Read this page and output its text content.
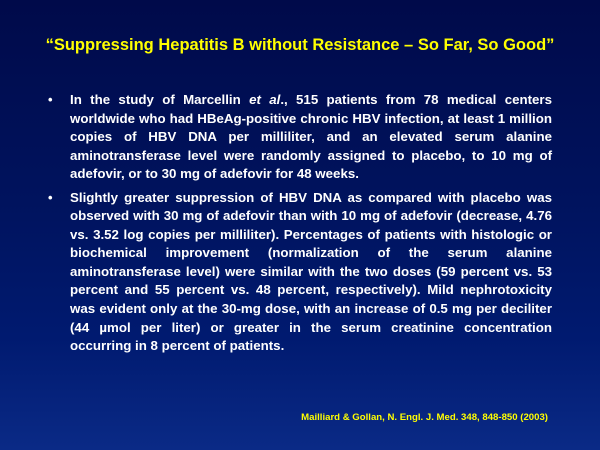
“Suppressing Hepatitis B without Resistance – So Far, So Good”
• In the study of Marcellin et al., 515 patients from 78 medical centers worldwide who had HBeAg-positive chronic HBV infection, at least 1 million copies of HBV DNA per milliliter, and an elevated serum alanine aminotransferase level were randomly assigned to placebo, to 10 mg of adefovir, or to 30 mg of adefovir for 48 weeks.
• Slightly greater suppression of HBV DNA as compared with placebo was observed with 30 mg of adefovir than with 10 mg of adefovir (decrease, 4.76 vs. 3.52 log copies per milliliter). Percentages of patients with histologic or biochemical improvement (normalization of the serum alanine aminotransferase level) were similar with the two doses (59 percent vs. 53 percent and 55 percent vs. 48 percent, respectively). Mild nephrotoxicity was evident only at the 30-mg dose, with an increase of 0.5 mg per deciliter (44 µmol per liter) or greater in the serum creatinine concentration occurring in 8 percent of patients.
Mailliard & Gollan, N. Engl. J. Med. 348, 848-850 (2003)
